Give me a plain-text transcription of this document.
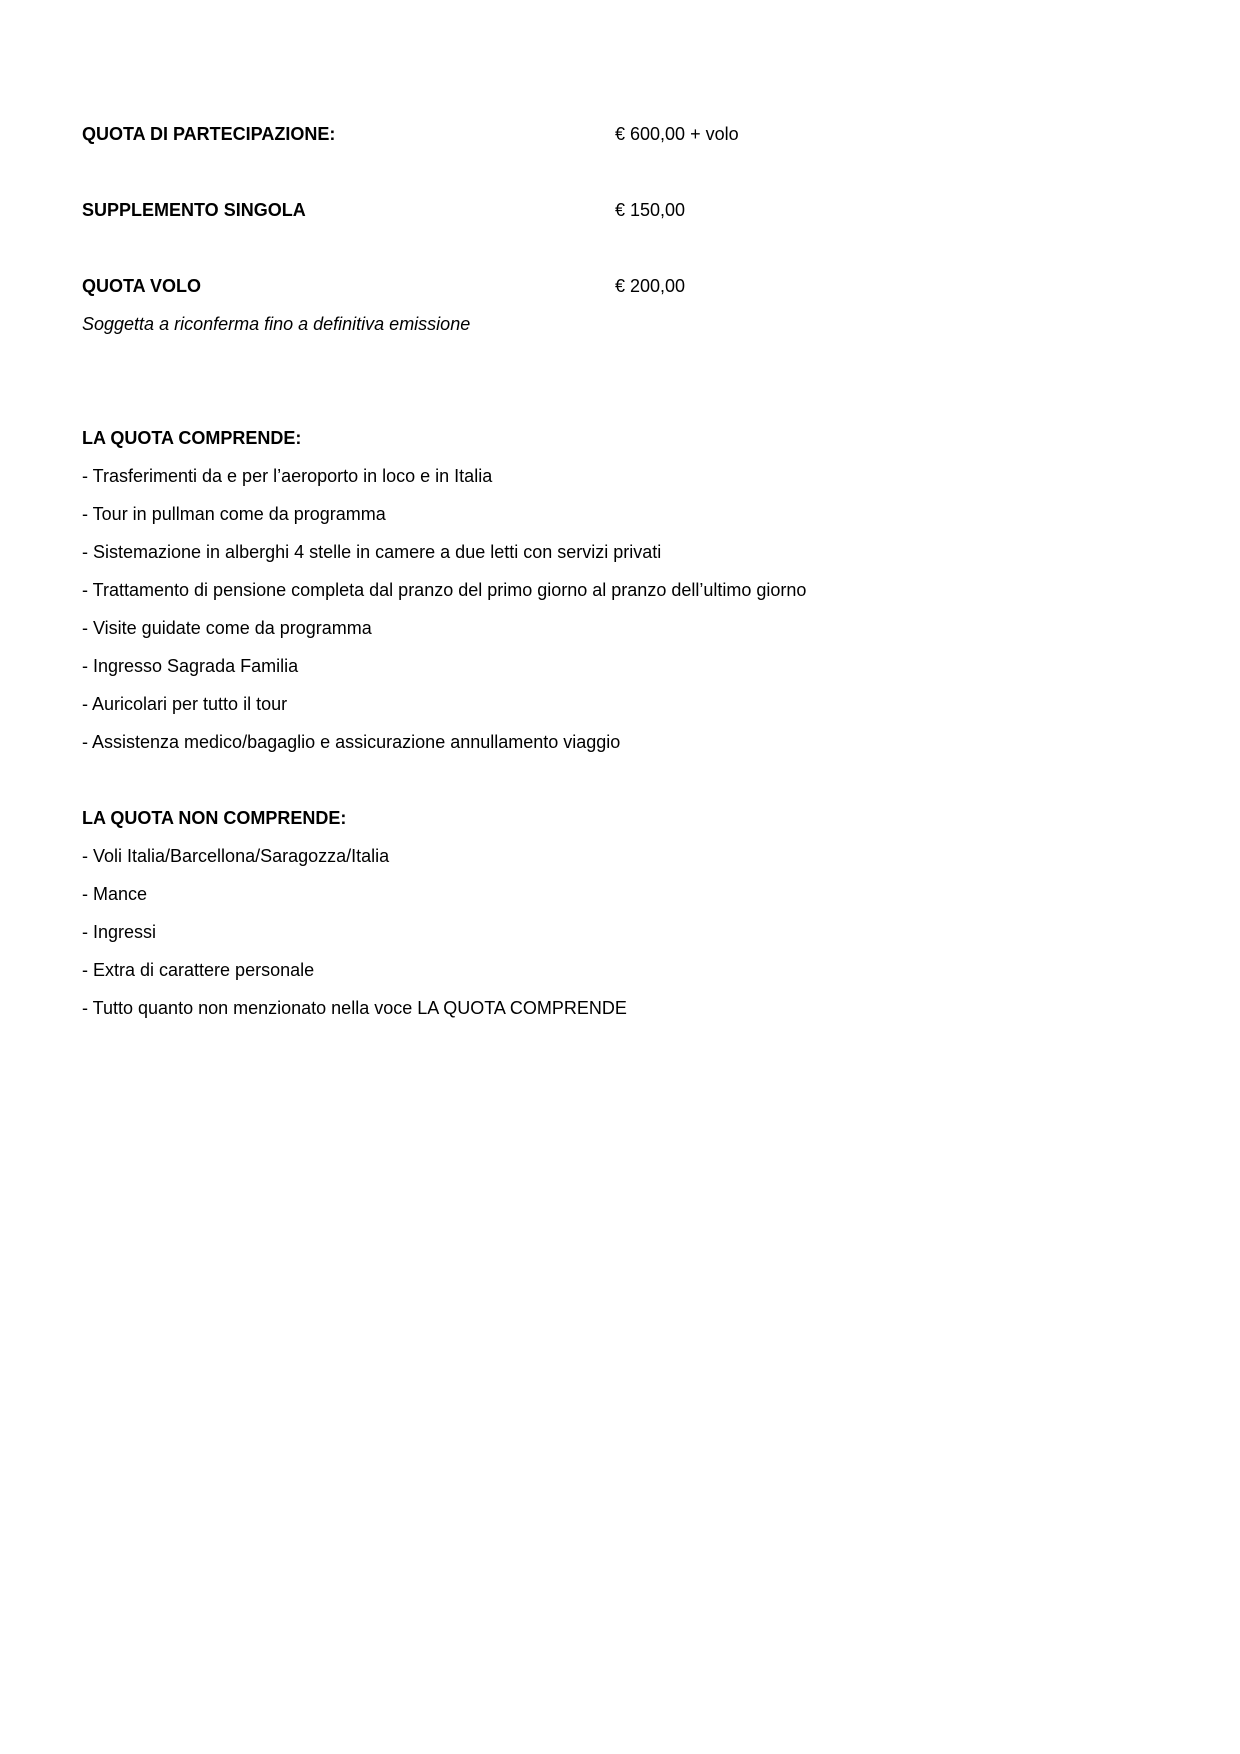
QUOTA DI PARTECIPAZIONE:	€ 600,00 + volo
SUPPLEMENTO SINGOLA	€ 150,00
QUOTA VOLO	€ 200,00
Soggetta a riconferma fino a definitiva emissione
LA QUOTA COMPRENDE:
- Trasferimenti da e per l’aeroporto in loco e in Italia
- Tour in pullman come da programma
- Sistemazione in alberghi 4 stelle in camere a due letti con servizi privati
- Trattamento di pensione completa dal pranzo del primo giorno al pranzo dell’ultimo giorno
- Visite guidate come da programma
- Ingresso Sagrada Familia
- Auricolari per tutto il tour
- Assistenza medico/bagaglio e assicurazione annullamento viaggio
LA QUOTA NON COMPRENDE:
- Voli Italia/Barcellona/Saragozza/Italia
- Mance
- Ingressi
- Extra di carattere personale
- Tutto quanto non menzionato nella voce LA QUOTA COMPRENDE
